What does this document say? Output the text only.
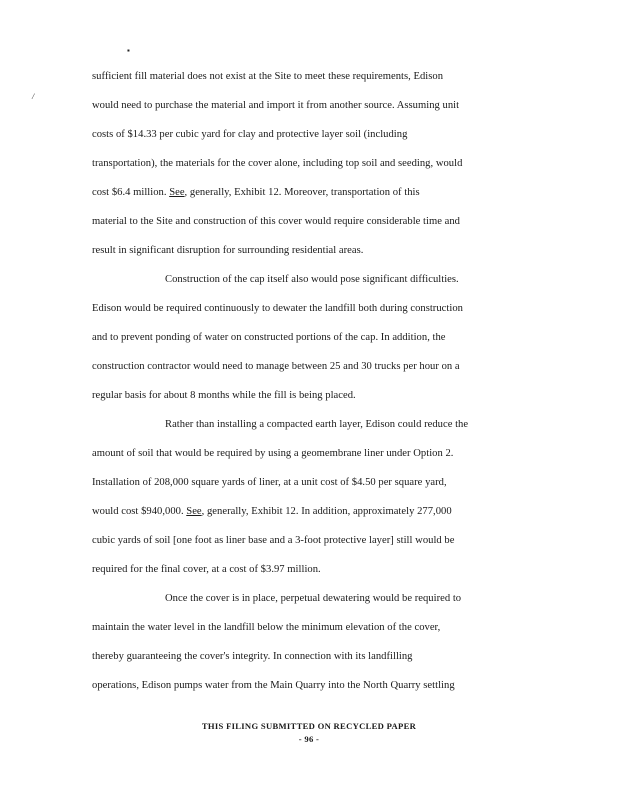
▪
/
sufficient fill material does not exist at the Site to meet these requirements, Edison
would need to purchase the material and import it from another source. Assuming unit
costs of $14.33 per cubic yard for clay and protective layer soil (including
transportation), the materials for the cover alone, including top soil and seeding, would
cost $6.4 million. See, generally, Exhibit 12. Moreover, transportation of this
material to the Site and construction of this cover would require considerable time and
result in significant disruption for surrounding residential areas.
Construction of the cap itself also would pose significant difficulties.
Edison would be required continuously to dewater the landfill both during construction
and to prevent ponding of water on constructed portions of the cap. In addition, the
construction contractor would need to manage between 25 and 30 trucks per hour on a
regular basis for about 8 months while the fill is being placed.
Rather than installing a compacted earth layer, Edison could reduce the
amount of soil that would be required by using a geomembrane liner under Option 2.
Installation of 208,000 square yards of liner, at a unit cost of $4.50 per square yard,
would cost $940,000. See, generally, Exhibit 12. In addition, approximately 277,000
cubic yards of soil [one foot as liner base and a 3-foot protective layer] still would be
required for the final cover, at a cost of $3.97 million.
Once the cover is in place, perpetual dewatering would be required to
maintain the water level in the landfill below the minimum elevation of the cover,
thereby guaranteeing the cover's integrity. In connection with its landfilling
operations, Edison pumps water from the Main Quarry into the North Quarry settling
THIS FILING SUBMITTED ON RECYCLED PAPER
- 96 -
